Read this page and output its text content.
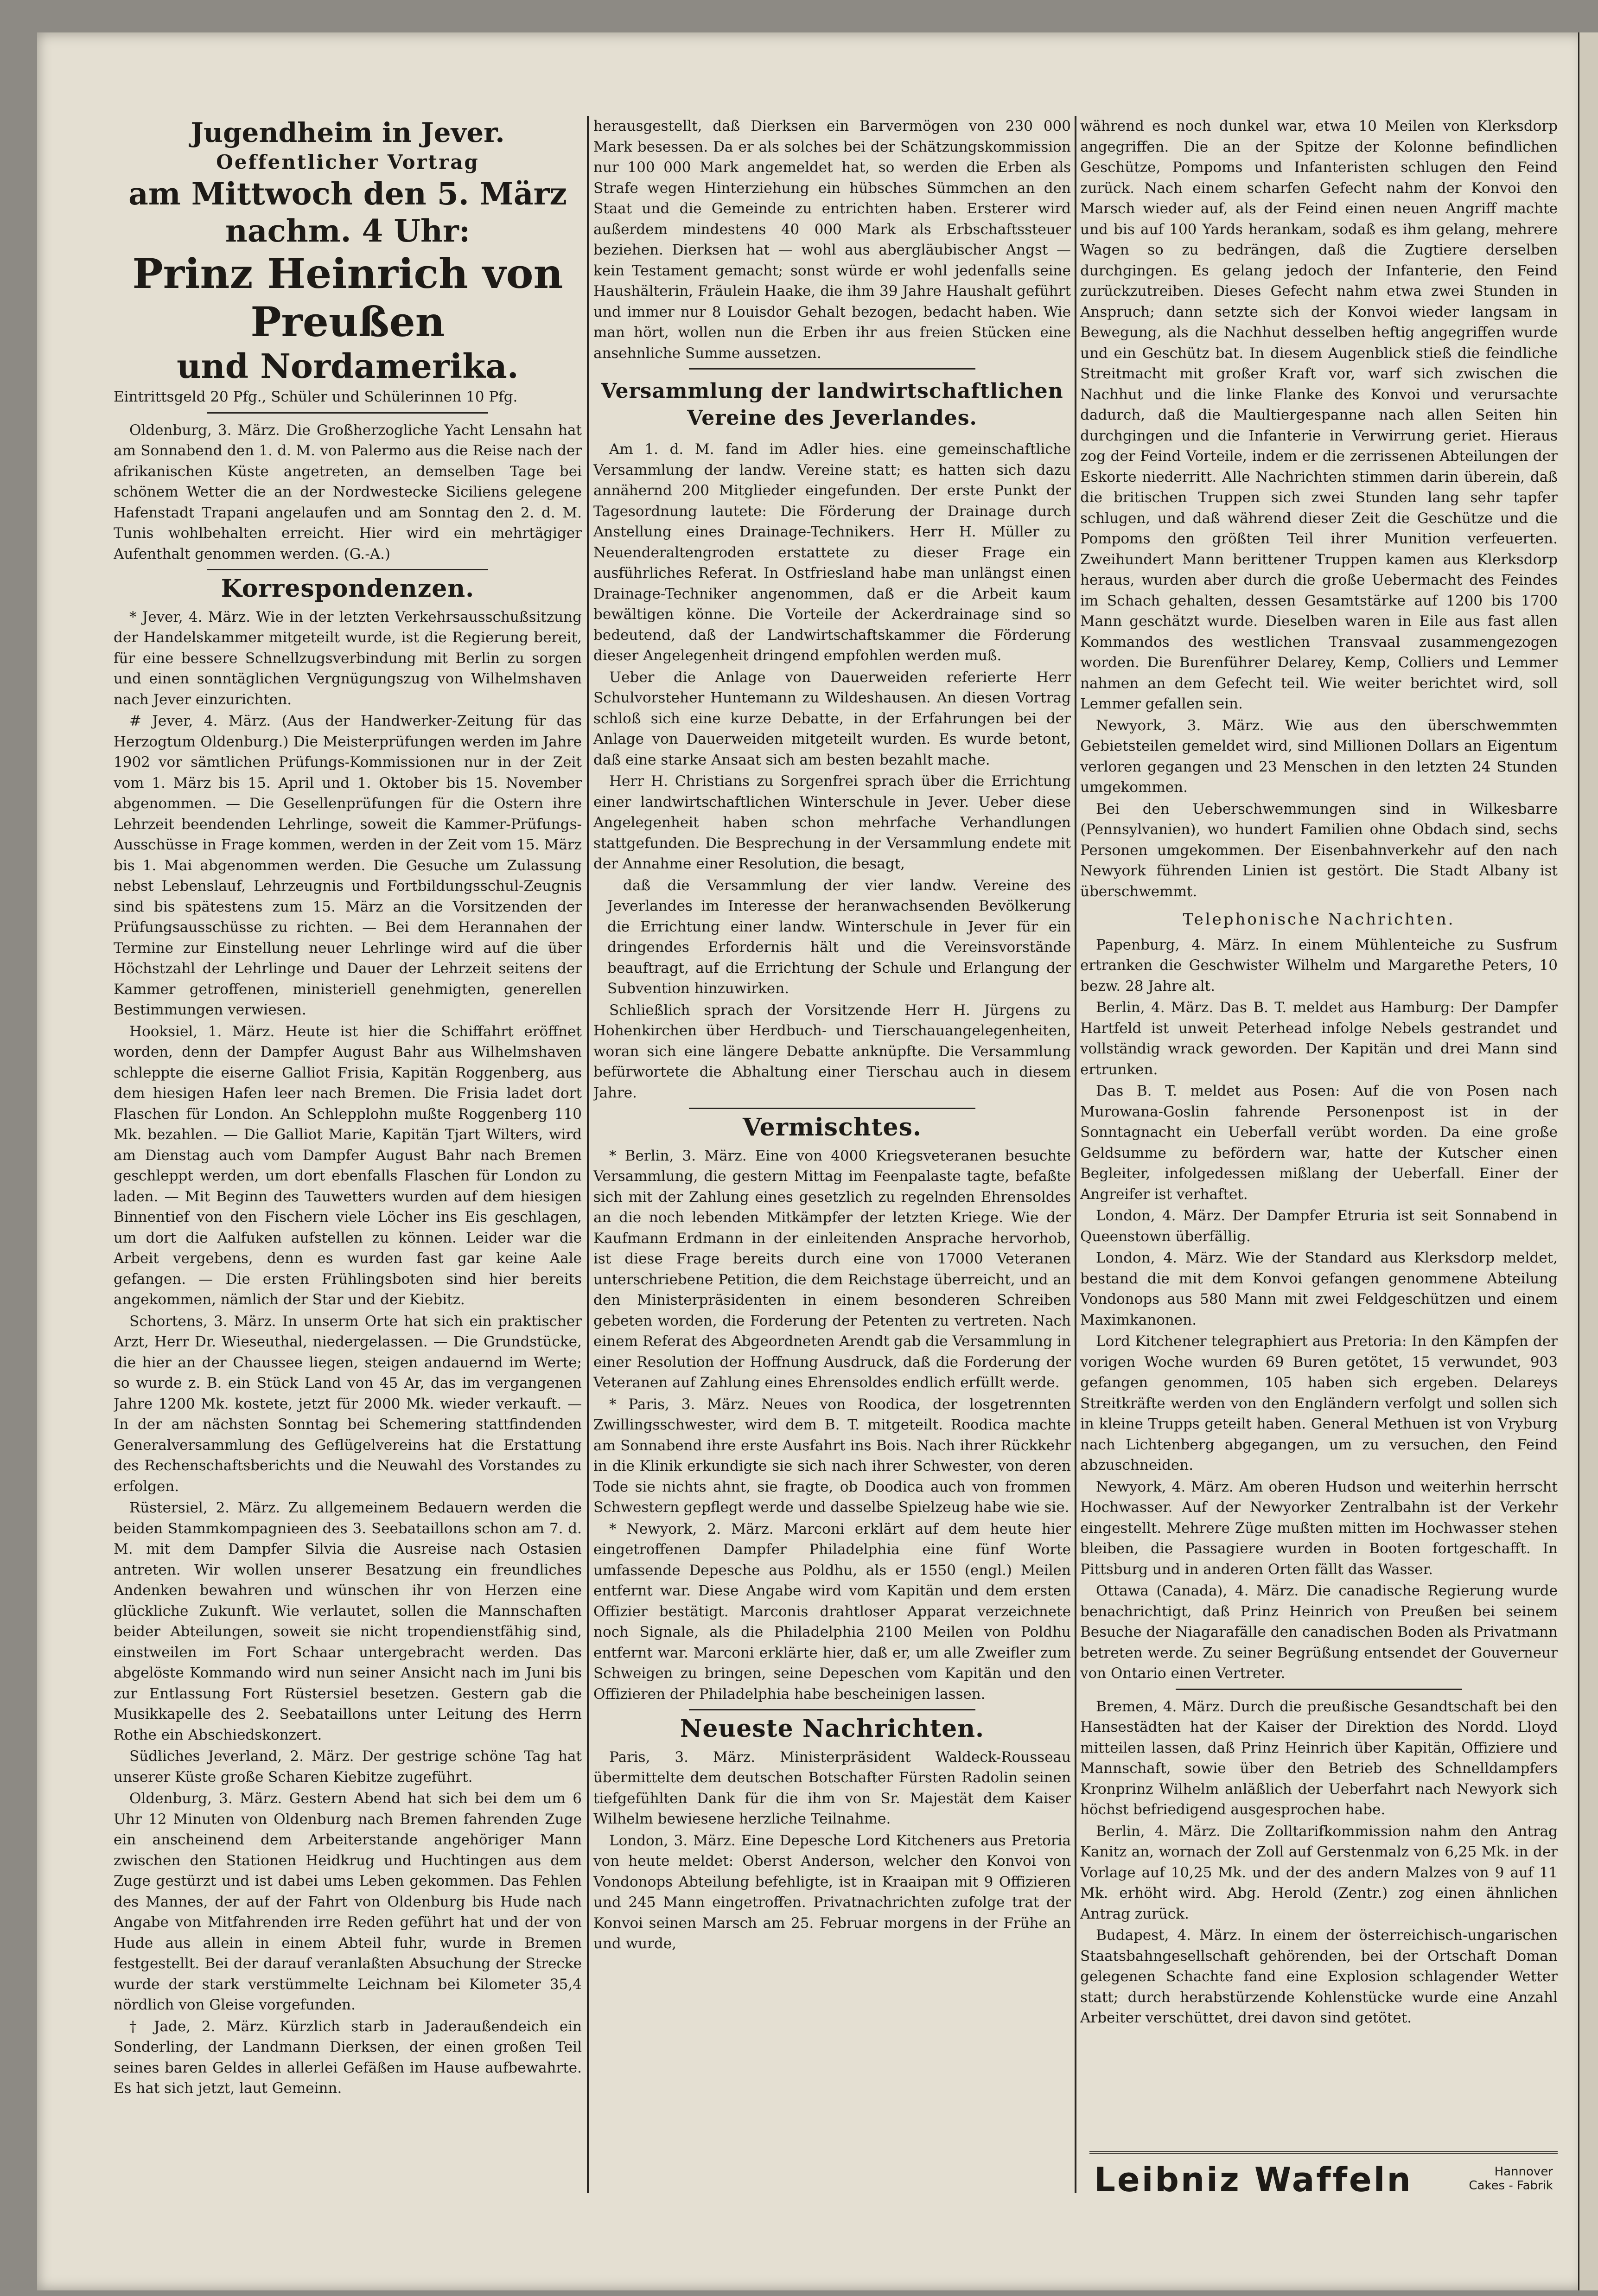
Jugendheim in Jever.
Oeffentlicher Vortrag
am Mittwoch den 5. März
nachm. 4 Uhr:
Prinz Heinrich von Preußen
und Nordamerika.

Eintrittsgeld 20 Pfg., Schüler und Schülerinnen 10 Pfg.

Oldenburg, 3. März. Die Großherzogliche Yacht Lensahn hat am Sonnabend den 1. d. M. von Palermo aus die Reise nach der afrikanischen Küste angetreten, an demselben Tage bei schönem Wetter die an der Nordwestecke Siciliens gelegene Hafenstadt Trapani angelaufen und am Sonntag den 2. d. M. Tunis wohlbehalten erreicht. Hier wird ein mehrtägiger Aufenthalt genommen werden. (G.-A.)

Korrespondenzen.

* Jever, 4. März. Wie in der letzten Verkehrsausschußsitzung der Handelskammer mitgeteilt wurde, ist die Regierung bereit, für eine bessere Schnellzugsverbindung mit Berlin zu sorgen und einen sonntäglichen Vergnügungszug von Wilhelmshaven nach Jever einzurichten.

# Jever, 4. März. (Aus der Handwerker-Zeitung für das Herzogtum Oldenburg.) Die Meisterprüfungen werden im Jahre 1902 vor sämtlichen Prüfungs-Kommissionen nur in der Zeit vom 1. März bis 15. April und 1. Oktober bis 15. November abgenommen. — Die Gesellenprüfungen für die Ostern ihre Lehrzeit beendenden Lehrlinge, soweit die Kammer-Prüfungs-Ausschüsse in Frage kommen, werden in der Zeit vom 15. März bis 1. Mai abgenommen werden. Die Gesuche um Zulassung nebst Lebenslauf, Lehrzeugnis und Fortbildungsschul-Zeugnis sind bis spätestens zum 15. März an die Vorsitzenden der Prüfungsausschüsse zu richten. — Bei dem Herannahen der Termine zur Einstellung neuer Lehrlinge wird auf die über Höchstzahl der Lehrlinge und Dauer der Lehrzeit seitens der Kammer getroffenen, ministeriell genehmigten, generellen Bestimmungen verwiesen.

Hooksiel, 1. März. Heute ist hier die Schiffahrt eröffnet worden, denn der Dampfer August Bahr aus Wilhelmshaven schleppte die eiserne Galliot Frisia, Kapitän Roggenberg, aus dem hiesigen Hafen leer nach Bremen. Die Frisia ladet dort Flaschen für London. An Schlepplohn mußte Roggenberg 110 Mk. bezahlen. — Die Galliot Marie, Kapitän Tjart Wilters, wird am Dienstag auch vom Dampfer August Bahr nach Bremen geschleppt werden, um dort ebenfalls Flaschen für London zu laden. — Mit Beginn des Tauwetters wurden auf dem hiesigen Binnentief von den Fischern viele Löcher ins Eis geschlagen, um dort die Aalfuken aufstellen zu können. Leider war die Arbeit vergebens, denn es wurden fast gar keine Aale gefangen. — Die ersten Frühlingsboten sind hier bereits angekommen, nämlich der Star und der Kiebitz.

Schortens, 3. März. In unserm Orte hat sich ein praktischer Arzt, Herr Dr. Wieseuthal, niedergelassen. — Die Grundstücke, die hier an der Chaussee liegen, steigen andauernd im Werte; so wurde z. B. ein Stück Land von 45 Ar, das im vergangenen Jahre 1200 Mk. kostete, jetzt für 2000 Mk. wieder verkauft. — In der am nächsten Sonntag bei Schemering stattfindenden Generalversammlung des Geflügelvereins hat die Erstattung des Rechenschaftsberichts und die Neuwahl des Vorstandes zu erfolgen.

Rüstersiel, 2. März. Zu allgemeinem Bedauern werden die beiden Stammkompagnieen des 3. Seebataillons schon am 7. d. M. mit dem Dampfer Silvia die Ausreise nach Ostasien antreten. Wir wollen unserer Besatzung ein freundliches Andenken bewahren und wünschen ihr von Herzen eine glückliche Zukunft. Wie verlautet, sollen die Mannschaften beider Abteilungen, soweit sie nicht tropendienstfähig sind, einstweilen im Fort Schaar untergebracht werden. Das abgelöste Kommando wird nun seiner Ansicht nach im Juni bis zur Entlassung Fort Rüstersiel besetzen. Gestern gab die Musikkapelle des 2. Seebataillons unter Leitung des Herrn Rothe ein Abschiedskonzert.

Südliches Jeverland, 2. März. Der gestrige schöne Tag hat unserer Küste große Scharen Kiebitze zugeführt.

Oldenburg, 3. März. Gestern Abend hat sich bei dem um 6 Uhr 12 Minuten von Oldenburg nach Bremen fahrenden Zuge ein anscheinend dem Arbeiterstande angehöriger Mann zwischen den Stationen Heidkrug und Huchtingen aus dem Zuge gestürzt und ist dabei ums Leben gekommen. Das Fehlen des Mannes, der auf der Fahrt von Oldenburg bis Hude nach Angabe von Mitfahrenden irre Reden geführt hat und der von Hude aus allein in einem Abteil fuhr, wurde in Bremen festgestellt. Bei der darauf veranlaßten Absuchung der Strecke wurde der stark verstümmelte Leichnam bei Kilometer 35,4 nördlich von Gleise vorgefunden.

† Jade, 2. März. Kürzlich starb in Jaderaußendeich ein Sonderling, der Landmann Dierksen, der einen großen Teil seines baren Geldes in allerlei Gefäßen im Hause aufbewahrte. Es hat sich jetzt, laut Gemeinn.

herausgestellt, daß Dierksen ein Barvermögen von 230 000 Mark besessen. Da er als solches bei der Schätzungskommission nur 100 000 Mark angemeldet hat, so werden die Erben als Strafe wegen Hinterziehung ein hübsches Sümmchen an den Staat und die Gemeinde zu entrichten haben. Ersterer wird außerdem mindestens 40 000 Mark als Erbschaftssteuer beziehen. Dierksen hat — wohl aus abergläubischer Angst — kein Testament gemacht; sonst würde er wohl jedenfalls seine Haushälterin, Fräulein Haake, die ihm 39 Jahre Haushalt geführt und immer nur 8 Louisdor Gehalt bezogen, bedacht haben. Wie man hört, wollen nun die Erben ihr aus freien Stücken eine ansehnliche Summe aussetzen.

Versammlung der landwirtschaftlichen Vereine des Jeverlandes.

Am 1. d. M. fand im Adler hies. eine gemeinschaftliche Versammlung der landw. Vereine statt; es hatten sich dazu annähernd 200 Mitglieder eingefunden. Der erste Punkt der Tagesordnung lautete: Die Förderung der Drainage durch Anstellung eines Drainage-Technikers. Herr H. Müller zu Neuenderaltengroden erstattete zu dieser Frage ein ausführliches Referat. In Ostfriesland habe man unlängst einen Drainage-Techniker angenommen, daß er die Arbeit kaum bewältigen könne. Die Vorteile der Ackerdrainage sind so bedeutend, daß der Landwirtschaftskammer die Förderung dieser Angelegenheit dringend empfohlen werden muß.

Ueber die Anlage von Dauerweiden referierte Herr Schulvorsteher Huntemann zu Wildeshausen. An diesen Vortrag schloß sich eine kurze Debatte, in der Erfahrungen bei der Anlage von Dauerweiden mitgeteilt wurden. Es wurde betont, daß eine starke Ansaat sich am besten bezahlt mache.

Herr H. Christians zu Sorgenfrei sprach über die Errichtung einer landwirtschaftlichen Winterschule in Jever. Ueber diese Angelegenheit haben schon mehrfache Verhandlungen stattgefunden. Die Besprechung in der Versammlung endete mit der Annahme einer Resolution, die besagt,

daß die Versammlung der vier landw. Vereine des Jeverlandes im Interesse der heranwachsenden Bevölkerung die Errichtung einer landw. Winterschule in Jever für ein dringendes Erfordernis hält und die Vereinsvorstände beauftragt, auf die Errichtung der Schule und Erlangung der Subvention hinzuwirken.

Schließlich sprach der Vorsitzende Herr H. Jürgens zu Hohenkirchen über Herdbuch- und Tierschauangelegenheiten, woran sich eine längere Debatte anknüpfte. Die Versammlung befürwortete die Abhaltung einer Tierschau auch in diesem Jahre.

Vermischtes.

* Berlin, 3. März. Eine von 4000 Kriegsveteranen besuchte Versammlung, die gestern Mittag im Feenpalaste tagte, befaßte sich mit der Zahlung eines gesetzlich zu regelnden Ehrensoldes an die noch lebenden Mitkämpfer der letzten Kriege. Wie der Kaufmann Erdmann in der einleitenden Ansprache hervorhob, ist diese Frage bereits durch eine von 17000 Veteranen unterschriebene Petition, die dem Reichstage überreicht, und an den Ministerpräsidenten in einem besonderen Schreiben gebeten worden, die Forderung der Petenten zu vertreten. Nach einem Referat des Abgeordneten Arendt gab die Versammlung in einer Resolution der Hoffnung Ausdruck, daß die Forderung der Veteranen auf Zahlung eines Ehrensoldes endlich erfüllt werde.

* Paris, 3. März. Neues von Roodica, der losgetrennten Zwillingsschwester, wird dem B. T. mitgeteilt. Roodica machte am Sonnabend ihre erste Ausfahrt ins Bois. Nach ihrer Rückkehr in die Klinik erkundigte sie sich nach ihrer Schwester, von deren Tode sie nichts ahnt, sie fragte, ob Doodica auch von frommen Schwestern gepflegt werde und dasselbe Spielzeug habe wie sie.

* Newyork, 2. März. Marconi erklärt auf dem heute hier eingetroffenen Dampfer Philadelphia eine fünf Worte umfassende Depesche aus Poldhu, als er 1550 (engl.) Meilen entfernt war. Diese Angabe wird vom Kapitän und dem ersten Offizier bestätigt. Marconis drahtloser Apparat verzeichnete noch Signale, als die Philadelphia 2100 Meilen von Poldhu entfernt war. Marconi erklärte hier, daß er, um alle Zweifler zum Schweigen zu bringen, seine Depeschen vom Kapitän und den Offizieren der Philadelphia habe bescheinigen lassen.

Neueste Nachrichten.

Paris, 3. März. Ministerpräsident Waldeck-Rousseau übermittelte dem deutschen Botschafter Fürsten Radolin seinen tiefgefühlten Dank für die ihm von Sr. Majestät dem Kaiser Wilhelm bewiesene herzliche Teilnahme.

London, 3. März. Eine Depesche Lord Kitcheners aus Pretoria von heute meldet: Oberst Anderson, welcher den Konvoi von Vondonops Abteilung befehligte, ist in Kraaipan mit 9 Offizieren und 245 Mann eingetroffen. Privatnachrichten zufolge trat der Konvoi seinen Marsch am 25. Februar morgens in der Frühe an und wurde,

während es noch dunkel war, etwa 10 Meilen von Klerksdorp angegriffen. Die an der Spitze der Kolonne befindlichen Geschütze, Pompoms und Infanteristen schlugen den Feind zurück. Nach einem scharfen Gefecht nahm der Konvoi den Marsch wieder auf, als der Feind einen neuen Angriff machte und bis auf 100 Yards herankam, sodaß es ihm gelang, mehrere Wagen so zu bedrängen, daß die Zugtiere derselben durchgingen. Es gelang jedoch der Infanterie, den Feind zurückzutreiben. Dieses Gefecht nahm etwa zwei Stunden in Anspruch; dann setzte sich der Konvoi wieder langsam in Bewegung, als die Nachhut desselben heftig angegriffen wurde und ein Geschütz bat. In diesem Augenblick stieß die feindliche Streitmacht mit großer Kraft vor, warf sich zwischen die Nachhut und die linke Flanke des Konvoi und verursachte dadurch, daß die Maultiergespanne nach allen Seiten hin durchgingen und die Infanterie in Verwirrung geriet. Hieraus zog der Feind Vorteile, indem er die zerrissenen Abteilungen der Eskorte niederritt. Alle Nachrichten stimmen darin überein, daß die britischen Truppen sich zwei Stunden lang sehr tapfer schlugen, und daß während dieser Zeit die Geschütze und die Pompoms den größten Teil ihrer Munition verfeuerten. Zweihundert Mann berittener Truppen kamen aus Klerksdorp heraus, wurden aber durch die große Uebermacht des Feindes im Schach gehalten, dessen Gesamtstärke auf 1200 bis 1700 Mann geschätzt wurde. Dieselben waren in Eile aus fast allen Kommandos des westlichen Transvaal zusammengezogen worden. Die Burenführer Delarey, Kemp, Colliers und Lemmer nahmen an dem Gefecht teil. Wie weiter berichtet wird, soll Lemmer gefallen sein.

Newyork, 3. März. Wie aus den überschwemmten Gebietsteilen gemeldet wird, sind Millionen Dollars an Eigentum verloren gegangen und 23 Menschen in den letzten 24 Stunden umgekommen.

Bei den Ueberschwemmungen sind in Wilkesbarre (Pennsylvanien), wo hundert Familien ohne Obdach sind, sechs Personen umgekommen. Der Eisenbahnverkehr auf den nach Newyork führenden Linien ist gestört. Die Stadt Albany ist überschwemmt.

Telephonische Nachrichten.

Papenburg, 4. März. In einem Mühlenteiche zu Susfrum ertranken die Geschwister Wilhelm und Margarethe Peters, 10 bezw. 28 Jahre alt.

Berlin, 4. März. Das B. T. meldet aus Hamburg: Der Dampfer Hartfeld ist unweit Peterhead infolge Nebels gestrandet und vollständig wrack geworden. Der Kapitän und drei Mann sind ertrunken.

Das B. T. meldet aus Posen: Auf die von Posen nach Murowana-Goslin fahrende Personenpost ist in der Sonntagnacht ein Ueberfall verübt worden. Da eine große Geldsumme zu befördern war, hatte der Kutscher einen Begleiter, infolgedessen mißlang der Ueberfall. Einer der Angreifer ist verhaftet.

London, 4. März. Der Dampfer Etruria ist seit Sonnabend in Queenstown überfällig.

London, 4. März. Wie der Standard aus Klerksdorp meldet, bestand die mit dem Konvoi gefangen genommene Abteilung Vondonops aus 580 Mann mit zwei Feldgeschützen und einem Maximkanonen.

Lord Kitchener telegraphiert aus Pretoria: In den Kämpfen der vorigen Woche wurden 69 Buren getötet, 15 verwundet, 903 gefangen genommen, 105 haben sich ergeben. Delareys Streitkräfte werden von den Engländern verfolgt und sollen sich in kleine Trupps geteilt haben. General Methuen ist von Vryburg nach Lichtenberg abgegangen, um zu versuchen, den Feind abzuschneiden.

Newyork, 4. März. Am oberen Hudson und weiterhin herrscht Hochwasser. Auf der Newyorker Zentralbahn ist der Verkehr eingestellt. Mehrere Züge mußten mitten im Hochwasser stehen bleiben, die Passagiere wurden in Booten fortgeschafft. In Pittsburg und in anderen Orten fällt das Wasser.

Ottawa (Canada), 4. März. Die canadische Regierung wurde benachrichtigt, daß Prinz Heinrich von Preußen bei seinem Besuche der Niagarafälle den canadischen Boden als Privatmann betreten werde. Zu seiner Begrüßung entsendet der Gouverneur von Ontario einen Vertreter.

Bremen, 4. März. Durch die preußische Gesandtschaft bei den Hansestädten hat der Kaiser der Direktion des Nordd. Lloyd mitteilen lassen, daß Prinz Heinrich über Kapitän, Offiziere und Mannschaft, sowie über den Betrieb des Schnelldampfers Kronprinz Wilhelm anläßlich der Ueberfahrt nach Newyork sich höchst befriedigend ausgesprochen habe.

Berlin, 4. März. Die Zolltarifkommission nahm den Antrag Kanitz an, wornach der Zoll auf Gerstenmalz von 6,25 Mk. in der Vorlage auf 10,25 Mk. und der des andern Malzes von 9 auf 11 Mk. erhöht wird. Abg. Herold (Zentr.) zog einen ähnlichen Antrag zurück.

Budapest, 4. März. In einem der österreichisch-ungarischen Staatsbahngesellschaft gehörenden, bei der Ortschaft Doman gelegenen Schachte fand eine Explosion schlagender Wetter statt; durch herabstürzende Kohlenstücke wurde eine Anzahl Arbeiter verschüttet, drei davon sind getötet.

Leibniz Waffeln	Hannover
Cakes - Fabrik
